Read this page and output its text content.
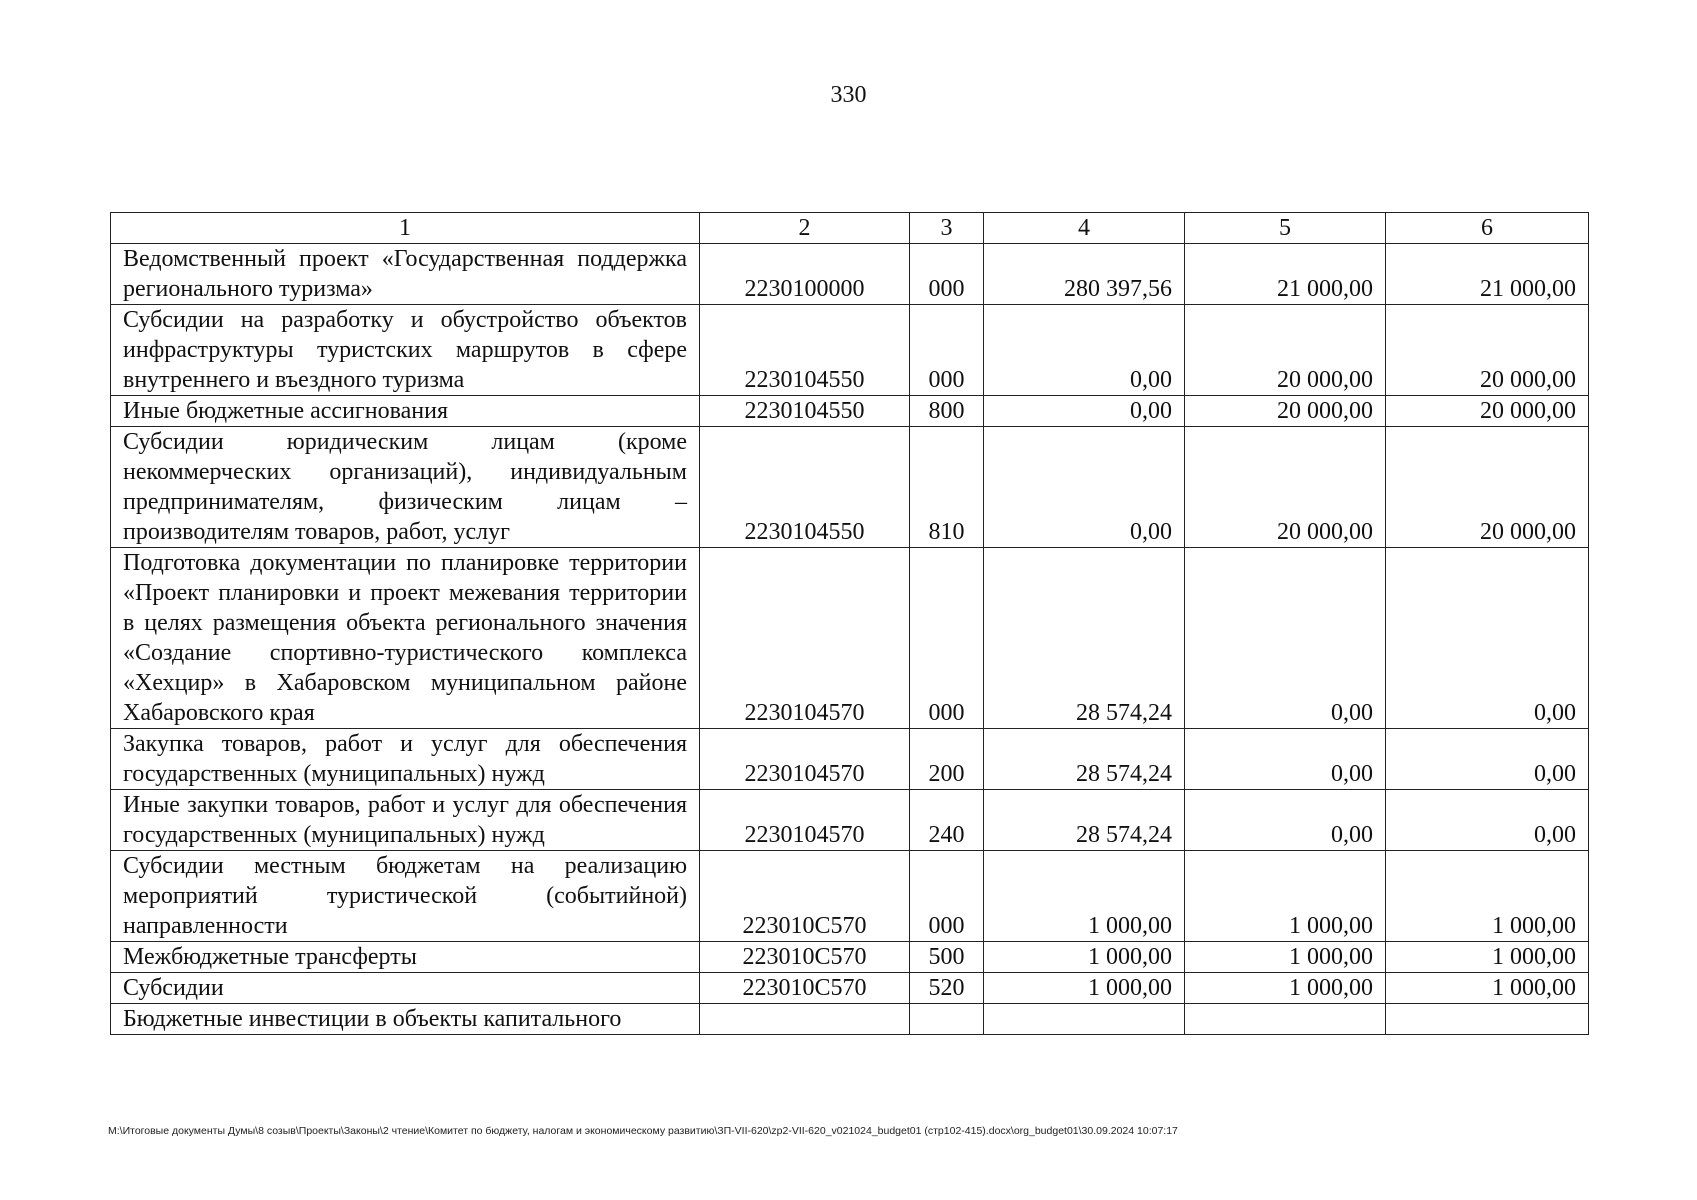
330
1	2	3	4	5	6
Ведомственный проект «Государственная поддержка регионального туризма»	2230100000	000	280 397,56	21 000,00	21 000,00
Субсидии на разработку и обустройство объектов инфраструктуры туристских маршрутов в сфере внутреннего и въездного туризма	2230104550	000	0,00	20 000,00	20 000,00
Иные бюджетные ассигнования	2230104550	800	0,00	20 000,00	20 000,00
Субсидии юридическим лицам (кроме некоммерческих организаций), индивидуальным предпринимателям, физическим лицам – производителям товаров, работ, услуг	2230104550	810	0,00	20 000,00	20 000,00
Подготовка документации по планировке территории «Проект планировки и проект межевания территории в целях размещения объекта регионального значения «Создание спортивно-туристического комплекса «Хехцир» в Хабаровском муниципальном районе Хабаровского края	2230104570	000	28 574,24	0,00	0,00
Закупка товаров, работ и услуг для обеспечения государственных (муниципальных) нужд	2230104570	200	28 574,24	0,00	0,00
Иные закупки товаров, работ и услуг для обеспечения государственных (муниципальных) нужд	2230104570	240	28 574,24	0,00	0,00
Субсидии местным бюджетам на реализацию мероприятий туристической (событийной) направленности	223010С570	000	1 000,00	1 000,00	1 000,00
Межбюджетные трансферты	223010С570	500	1 000,00	1 000,00	1 000,00
Субсидии	223010С570	520	1 000,00	1 000,00	1 000,00
Бюджетные инвестиции в объекты капитального					
M:\Итоговые документы Думы\8 созыв\Проекты\Законы\2 чтение\Комитет по бюджету, налогам и экономическому развитию\ЗП-VII-620\zp2-VII-620_v021024_budget01 (стр102-415).docx\org_budget01\30.09.2024 10:07:17
